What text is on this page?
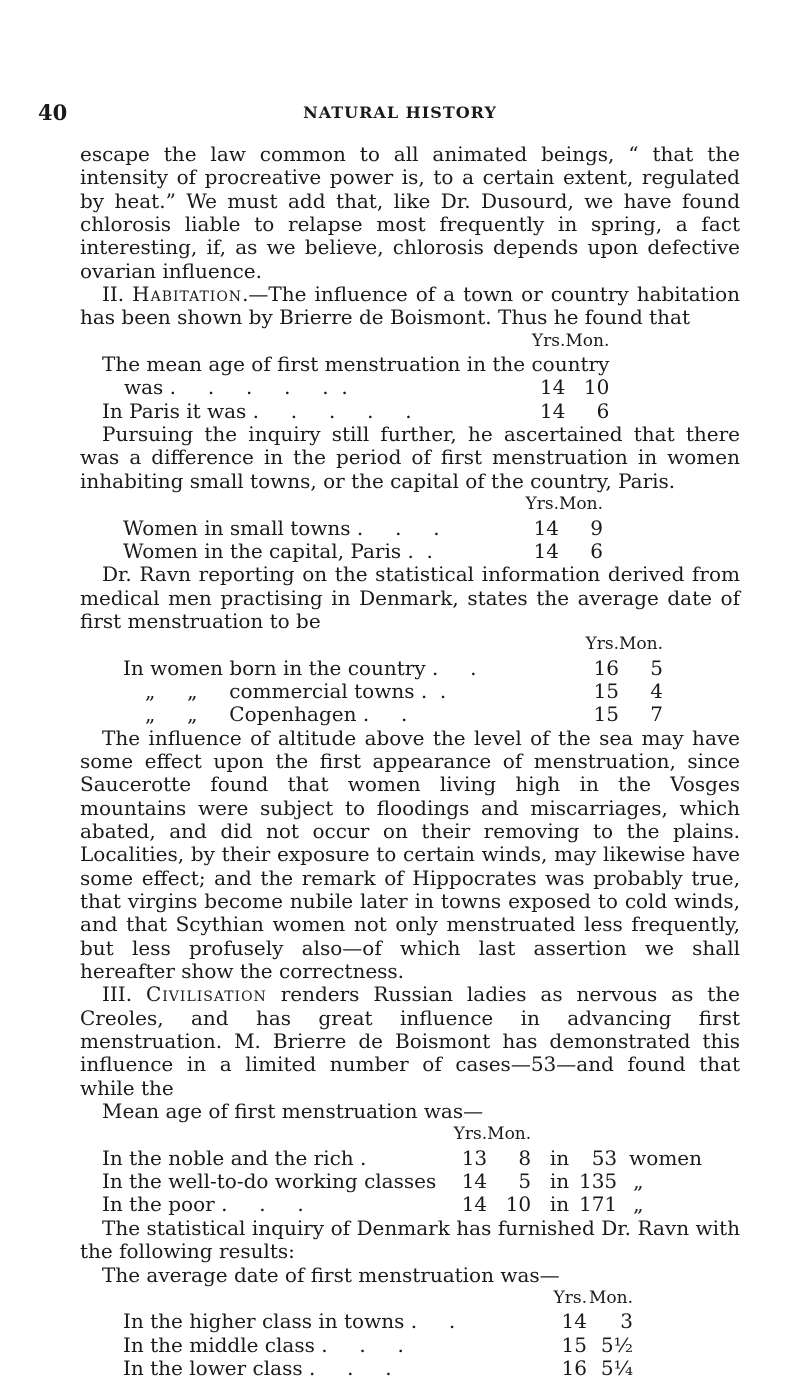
40	NATURAL HISTORY

escape the law common to all animated beings, “ that the intensity of procreative power is, to a certain extent, regulated by heat.” We must add that, like Dr. Dusourd, we have found chlorosis liable to relapse most frequently in spring, a fact interesting, if, as we believe, chlorosis depends upon defective ovarian influence.

II. Habitation.—The influence of a town or country habitation has been shown by Brierre de Boismont. Thus he found that

	Yrs.	Mon.
The mean age of first menstruation in the country		
was .     .     .     .     .  .	14	10
In Paris it was .     .     .     .     .	14	6

Pursuing the inquiry still further, he ascertained that there was a difference in the period of first menstruation in women inhabiting small towns, or the capital of the country, Paris.

	Yrs.	Mon.
Women in small towns .     .     .	14	9
Women in the capital, Paris .  .	14	6

Dr. Ravn reporting on the statistical information derived from medical men practising in Denmark, states the average date of first menstruation to be

	Yrs.	Mon.
In women born in the country .     .	16	5
„     „     commercial towns .  .	15	4
„     „     Copenhagen .     .	15	7

The influence of altitude above the level of the sea may have some effect upon the first appearance of menstruation, since Saucerotte found that women living high in the Vosges mountains were subject to floodings and miscarriages, which abated, and did not occur on their removing to the plains. Localities, by their exposure to certain winds, may likewise have some effect; and the remark of Hippocrates was probably true, that virgins become nubile later in towns exposed to cold winds, and that Scythian women not only menstruated less frequently, but less profusely also—of which last assertion we shall hereafter show the correctness.

III. Civilisation renders Russian ladies as nervous as the Creoles, and has great influence in advancing first menstruation. M. Brierre de Boismont has demonstrated this influence in a limited number of cases—53—and found that while the

Mean age of first menstruation was—

	Yrs.	Mon.			
In the noble and the rich .	13	8	in	53	women
In the well-to-do working classes	14	5	in	135	„
In the poor .     .     .	14	10	in	171	„

The statistical inquiry of Denmark has furnished Dr. Ravn with the following results:

The average date of first menstruation was—

	Yrs.	Mon.
In the higher class in towns .     .	14	3
In the middle class .     .     .	15	5½
In the lower class .     .     .	16	5¼
